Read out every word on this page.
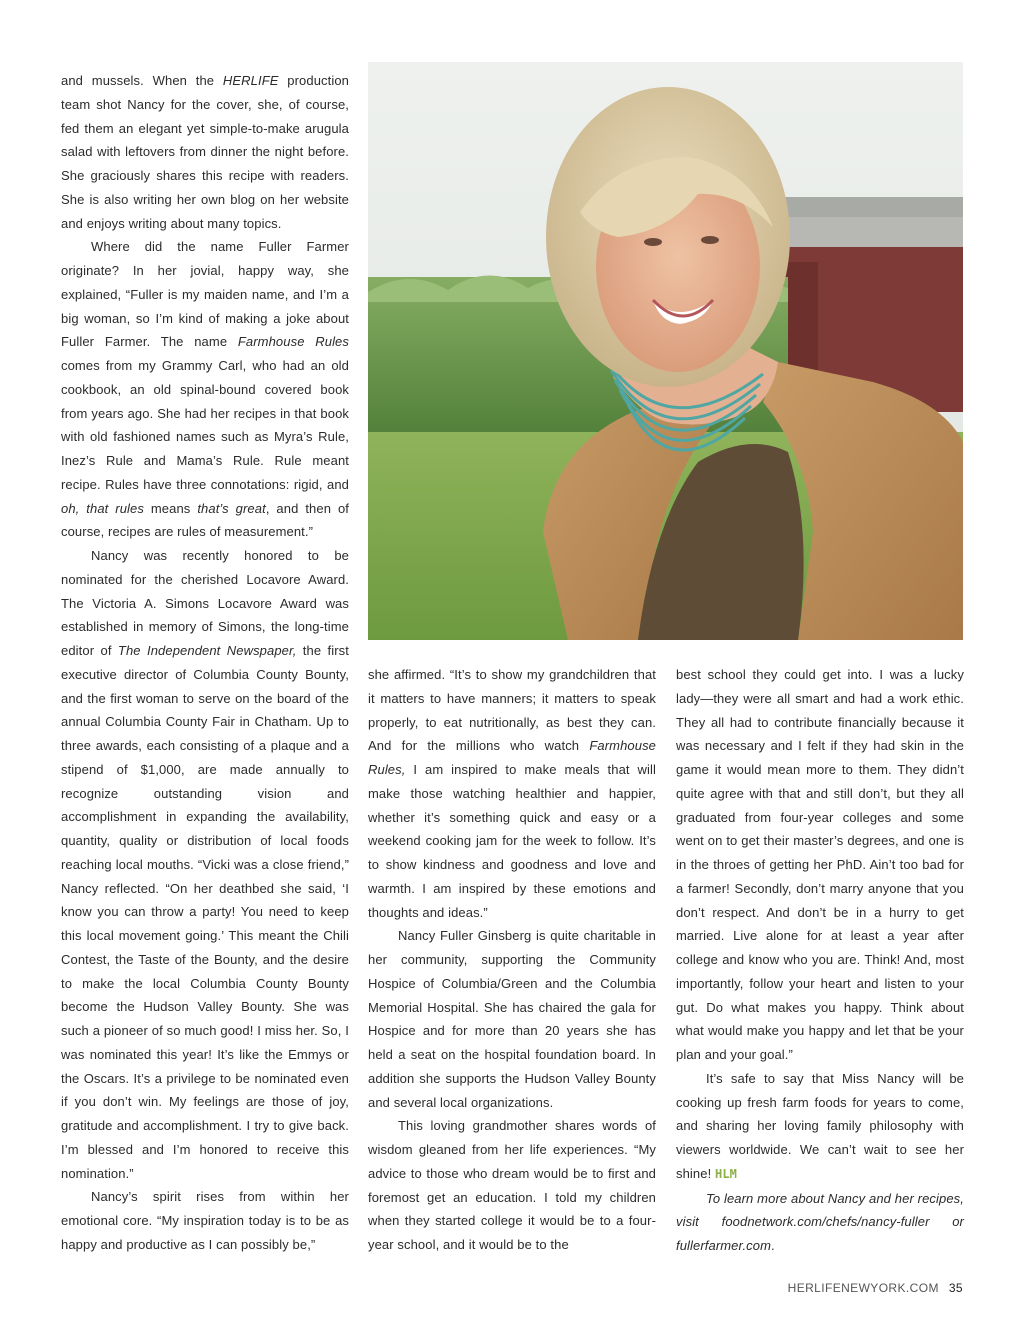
and mussels. When the HERLIFE production team shot Nancy for the cover, she, of course, fed them an elegant yet simple-to-make arugula salad with leftovers from dinner the night before. She graciously shares this recipe with readers. She is also writing her own blog on her website and enjoys writing about many topics.

Where did the name Fuller Farmer originate? In her jovial, happy way, she explained, “Fuller is my maiden name, and I’m a big woman, so I’m kind of making a joke about Fuller Farmer. The name Farmhouse Rules comes from my Grammy Carl, who had an old cookbook, an old spinal-bound covered book from years ago. She had her recipes in that book with old fashioned names such as Myra’s Rule, Inez’s Rule and Mama’s Rule. Rule meant recipe. Rules have three connotations: rigid, and oh, that rules means that’s great, and then of course, recipes are rules of measurement.”

Nancy was recently honored to be nominated for the cherished Locavore Award. The Victoria A. Simons Locavore Award was established in memory of Simons, the long-time editor of The Independent Newspaper, the first executive director of Columbia County Bounty, and the first woman to serve on the board of the annual Columbia County Fair in Chatham. Up to three awards, each consisting of a plaque and a stipend of $1,000, are made annually to recognize outstanding vision and accomplishment in expanding the availability, quantity, quality or distribution of local foods reaching local mouths. “Vicki was a close friend,” Nancy reflected. “On her deathbed she said, ‘I know you can throw a party! You need to keep this local movement going.’ This meant the Chili Contest, the Taste of the Bounty, and the desire to make the local Columbia County Bounty become the Hudson Valley Bounty. She was such a pioneer of so much good! I miss her. So, I was nominated this year! It’s like the Emmys or the Oscars. It’s a privilege to be nominated even if you don’t win. My feelings are those of joy, gratitude and accomplishment. I try to give back. I’m blessed and I’m honored to receive this nomination.”

Nancy’s spirit rises from within her emotional core. “My inspiration today is to be as happy and productive as I can possibly be,”

she affirmed. “It’s to show my grandchildren that it matters to have manners; it matters to speak properly, to eat nutritionally, as best they can. And for the millions who watch Farmhouse Rules, I am inspired to make meals that will make those watching healthier and happier, whether it’s something quick and easy or a weekend cooking jam for the week to follow. It’s to show kindness and goodness and love and warmth. I am inspired by these emotions and thoughts and ideas.”

Nancy Fuller Ginsberg is quite charitable in her community, supporting the Community Hospice of Columbia/Green and the Columbia Memorial Hospital. She has chaired the gala for Hospice and for more than 20 years she has held a seat on the hospital foundation board. In addition she supports the Hudson Valley Bounty and several local organizations.

This loving grandmother shares words of wisdom gleaned from her life experiences. “My advice to those who dream would be to first and foremost get an education. I told my children when they started college it would be to a four-year school, and it would be to the

best school they could get into. I was a lucky lady—they were all smart and had a work ethic. They all had to contribute financially because it was necessary and I felt if they had skin in the game it would mean more to them. They didn’t quite agree with that and still don’t, but they all graduated from four-year colleges and some went on to get their master’s degrees, and one is in the throes of getting her PhD. Ain’t too bad for a farmer! Secondly, don’t marry anyone that you don’t respect. And don’t be in a hurry to get married. Live alone for at least a year after college and know who you are. Think! And, most importantly, follow your heart and listen to your gut. Do what makes you happy. Think about what would make you happy and let that be your plan and your goal.”

It’s safe to say that Miss Nancy will be cooking up fresh farm foods for years to come, and sharing her loving family philosophy with viewers worldwide. We can’t wait to see her shine! HLM

To learn more about Nancy and her recipes, visit foodnetwork.com/chefs/nancy-fuller or fullerfarmer.com.

HERLIFENEWYORK.COM 35
